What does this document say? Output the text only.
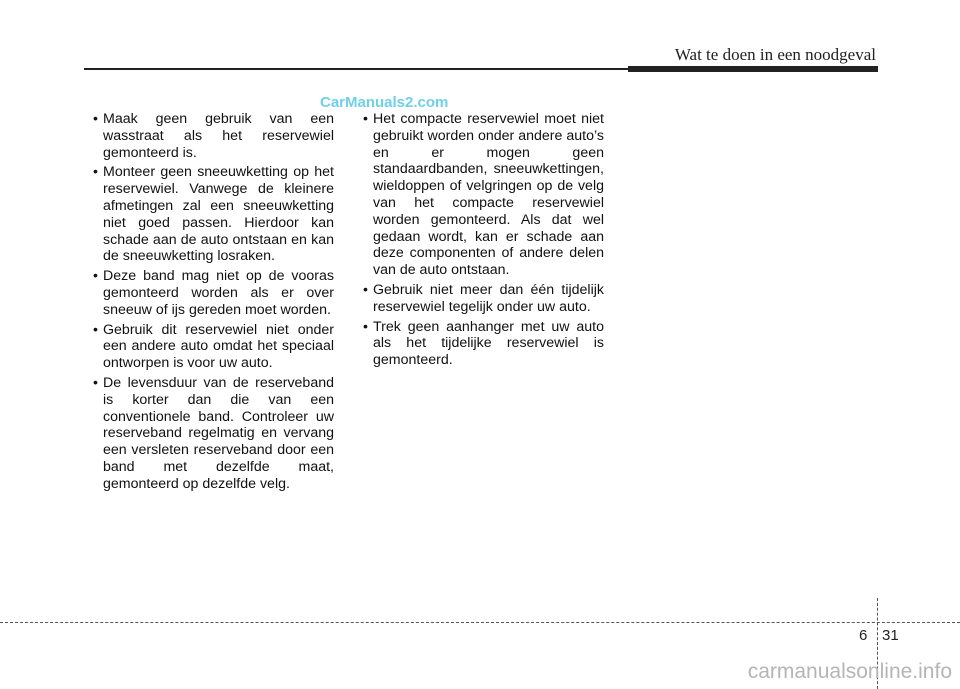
Wat te doen in een noodgeval
CarManuals2.com
• Maak geen gebruik van een wasstraat als het reservewiel gemonteerd is.
• Monteer geen sneeuwketting op het reservewiel. Vanwege de kleinere afmetingen zal een sneeuwketting niet goed passen. Hierdoor kan schade aan de auto ontstaan en kan de sneeuwketting losraken.
• Deze band mag niet op de vooras gemonteerd worden als er over sneeuw of ijs gereden moet worden.
• Gebruik dit reservewiel niet onder een andere auto omdat het speciaal ontworpen is voor uw auto.
• De levensduur van de reserveband is korter dan die van een conventionele band. Controleer uw reserveband regelmatig en vervang een versleten reserveband door een band met dezelfde maat, gemonteerd op dezelfde velg.
• Het compacte reservewiel moet niet gebruikt worden onder andere auto’s en er mogen geen standaardbanden, sneeuwkettingen, wieldoppen of velgringen op de velg van het compacte reservewiel worden gemonteerd. Als dat wel gedaan wordt, kan er schade aan deze componenten of andere delen van de auto ontstaan.
• Gebruik niet meer dan één tijdelijk reservewiel tegelijk onder uw auto.
• Trek geen aanhanger met uw auto als het tijdelijke reservewiel is gemonteerd.
6 31
carmanualsonline.info
